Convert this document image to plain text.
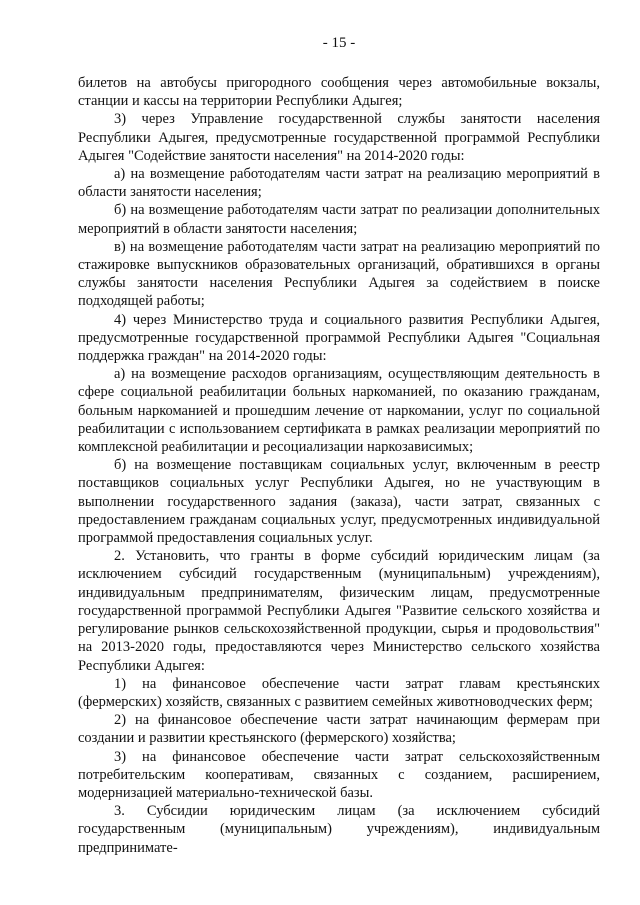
- 15 -

билетов на автобусы пригородного сообщения через автомобильные вокзалы, станции и кассы на территории Республики Адыгея;

3) через Управление государственной службы занятости населения Республики Адыгея, предусмотренные государственной программой Республики Адыгея "Содействие занятости населения" на 2014-2020 годы:

а) на возмещение работодателям части затрат на реализацию мероприятий в области занятости населения;

б) на возмещение работодателям части затрат по реализации дополнительных мероприятий в области занятости населения;

в) на возмещение работодателям части затрат на реализацию мероприятий по стажировке выпускников образовательных организаций, обратившихся в органы службы занятости населения Республики Адыгея за содействием в поиске подходящей работы;

4) через Министерство труда и социального развития Республики Адыгея, предусмотренные государственной программой Республики Адыгея "Социальная поддержка граждан" на 2014-2020 годы:

а) на возмещение расходов организациям, осуществляющим деятельность в сфере социальной реабилитации больных наркоманией, по оказанию гражданам, больным наркоманией и прошедшим лечение от наркомании, услуг по социальной реабилитации с использованием сертификата в рамках реализации мероприятий по комплексной реабилитации и ресоциализации наркозависимых;

б) на возмещение поставщикам социальных услуг, включенным в реестр поставщиков социальных услуг Республики Адыгея, но не участвующим в выполнении государственного задания (заказа), части затрат, связанных с предоставлением гражданам социальных услуг, предусмотренных индивидуальной программой предоставления социальных услуг.

2. Установить, что гранты в форме субсидий юридическим лицам (за исключением субсидий государственным (муниципальным) учреждениям), индивидуальным предпринимателям, физическим лицам, предусмотренные государственной программой Республики Адыгея "Развитие сельского хозяйства и регулирование рынков сельскохозяйственной продукции, сырья и продовольствия" на 2013-2020 годы, предоставляются через Министерство сельского хозяйства Республики Адыгея:

1) на финансовое обеспечение части затрат главам крестьянских (фермерских) хозяйств, связанных с развитием семейных животноводческих ферм;

2) на финансовое обеспечение части затрат начинающим фермерам при создании и развитии крестьянского (фермерского) хозяйства;

3) на финансовое обеспечение части затрат сельскохозяйственным потребительским кооперативам, связанных с созданием, расширением, модернизацией материально-технической базы.

3. Субсидии юридическим лицам (за исключением субсидий государственным (муниципальным) учреждениям), индивидуальным предпринимате-
